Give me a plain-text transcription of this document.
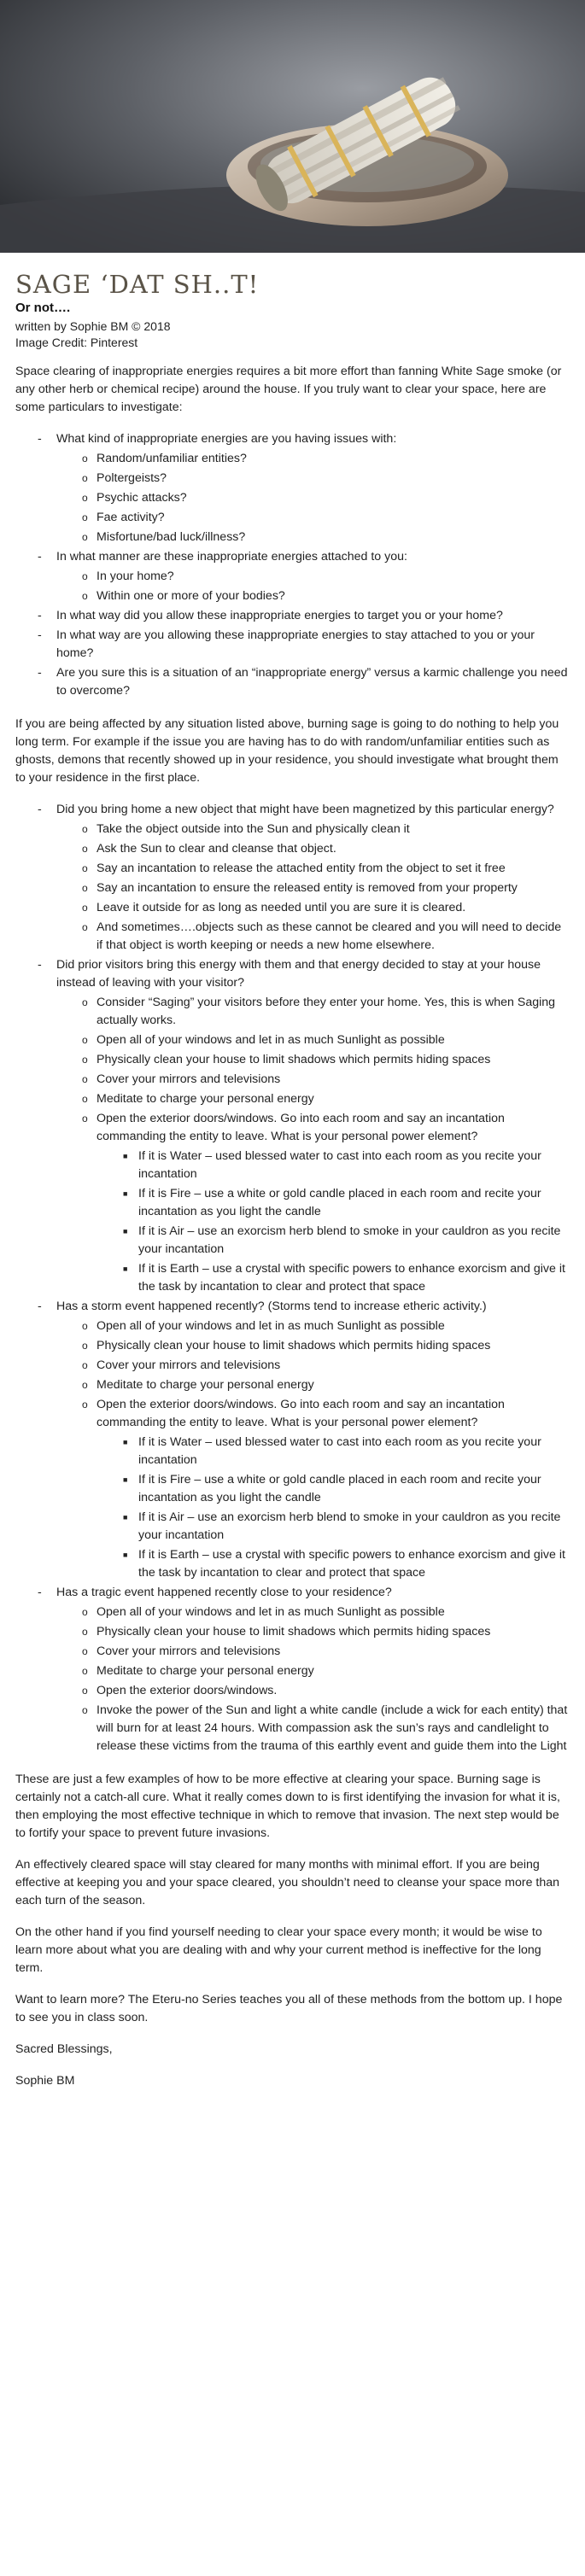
SAGE ‘DAT SH..T!

Or not….

written by Sophie BM © 2018

Image Credit: Pinterest

Space clearing of inappropriate energies requires a bit more effort than fanning White Sage smoke (or any other herb or chemical recipe) around the house. If you truly want to clear your space, here are some particulars to investigate:

- What kind of inappropriate energies are you having issues with:
o Random/unfamiliar entities?
o Poltergeists?
o Psychic attacks?
o Fae activity?
o Misfortune/bad luck/illness?
- In what manner are these inappropriate energies attached to you:
o In your home?
o Within one or more of your bodies?
- In what way did you allow these inappropriate energies to target you or your home?
- In what way are you allowing these inappropriate energies to stay attached to you or your home?
- Are you sure this is a situation of an “inappropriate energy” versus a karmic challenge you need to overcome?

If you are being affected by any situation listed above, burning sage is going to do nothing to help you long term. For example if the issue you are having has to do with random/unfamiliar entities such as ghosts, demons that recently showed up in your residence, you should investigate what brought them to your residence in the first place.

- Did you bring home a new object that might have been magnetized by this particular energy?
o Take the object outside into the Sun and physically clean it
o Ask the Sun to clear and cleanse that object.
o Say an incantation to release the attached entity from the object to set it free
o Say an incantation to ensure the released entity is removed from your property
o Leave it outside for as long as needed until you are sure it is cleared.
o And sometimes….objects such as these cannot be cleared and you will need to decide if that object is worth keeping or needs a new home elsewhere.
- Did prior visitors bring this energy with them and that energy decided to stay at your house instead of leaving with your visitor?
o Consider “Saging” your visitors before they enter your home. Yes, this is when Saging actually works.
o Open all of your windows and let in as much Sunlight as possible
o Physically clean your house to limit shadows which permits hiding spaces
o Cover your mirrors and televisions
o Meditate to charge your personal energy
o Open the exterior doors/windows. Go into each room and say an incantation commanding the entity to leave. What is your personal power element?
■ If it is Water – used blessed water to cast into each room as you recite your incantation
■ If it is Fire – use a white or gold candle placed in each room and recite your incantation as you light the candle
■ If it is Air – use an exorcism herb blend to smoke in your cauldron as you recite your incantation
■ If it is Earth – use a crystal with specific powers to enhance exorcism and give it the task by incantation to clear and protect that space
- Has a storm event happened recently? (Storms tend to increase etheric activity.)
o Open all of your windows and let in as much Sunlight as possible
o Physically clean your house to limit shadows which permits hiding spaces
o Cover your mirrors and televisions
o Meditate to charge your personal energy
o Open the exterior doors/windows. Go into each room and say an incantation commanding the entity to leave. What is your personal power element?
■ If it is Water – used blessed water to cast into each room as you recite your incantation
■ If it is Fire – use a white or gold candle placed in each room and recite your incantation as you light the candle
■ If it is Air – use an exorcism herb blend to smoke in your cauldron as you recite your incantation
■ If it is Earth – use a crystal with specific powers to enhance exorcism and give it the task by incantation to clear and protect that space
- Has a tragic event happened recently close to your residence?
o Open all of your windows and let in as much Sunlight as possible
o Physically clean your house to limit shadows which permits hiding spaces
o Cover your mirrors and televisions
o Meditate to charge your personal energy
o Open the exterior doors/windows.
o Invoke the power of the Sun and light a white candle (include a wick for each entity) that will burn for at least 24 hours. With compassion ask the sun’s rays and candlelight to release these victims from the trauma of this earthly event and guide them into the Light

These are just a few examples of how to be more effective at clearing your space. Burning sage is certainly not a catch-all cure. What it really comes down to is first identifying the invasion for what it is, then employing the most effective technique in which to remove that invasion. The next step would be to fortify your space to prevent future invasions.

An effectively cleared space will stay cleared for many months with minimal effort. If you are being effective at keeping you and your space cleared, you shouldn’t need to cleanse your space more than each turn of the season.

On the other hand if you find yourself needing to clear your space every month; it would be wise to learn more about what you are dealing with and why your current method is ineffective for the long term.

Want to learn more? The Eteru-no Series teaches you all of these methods from the bottom up. I hope to see you in class soon.

Sacred Blessings,

Sophie BM
